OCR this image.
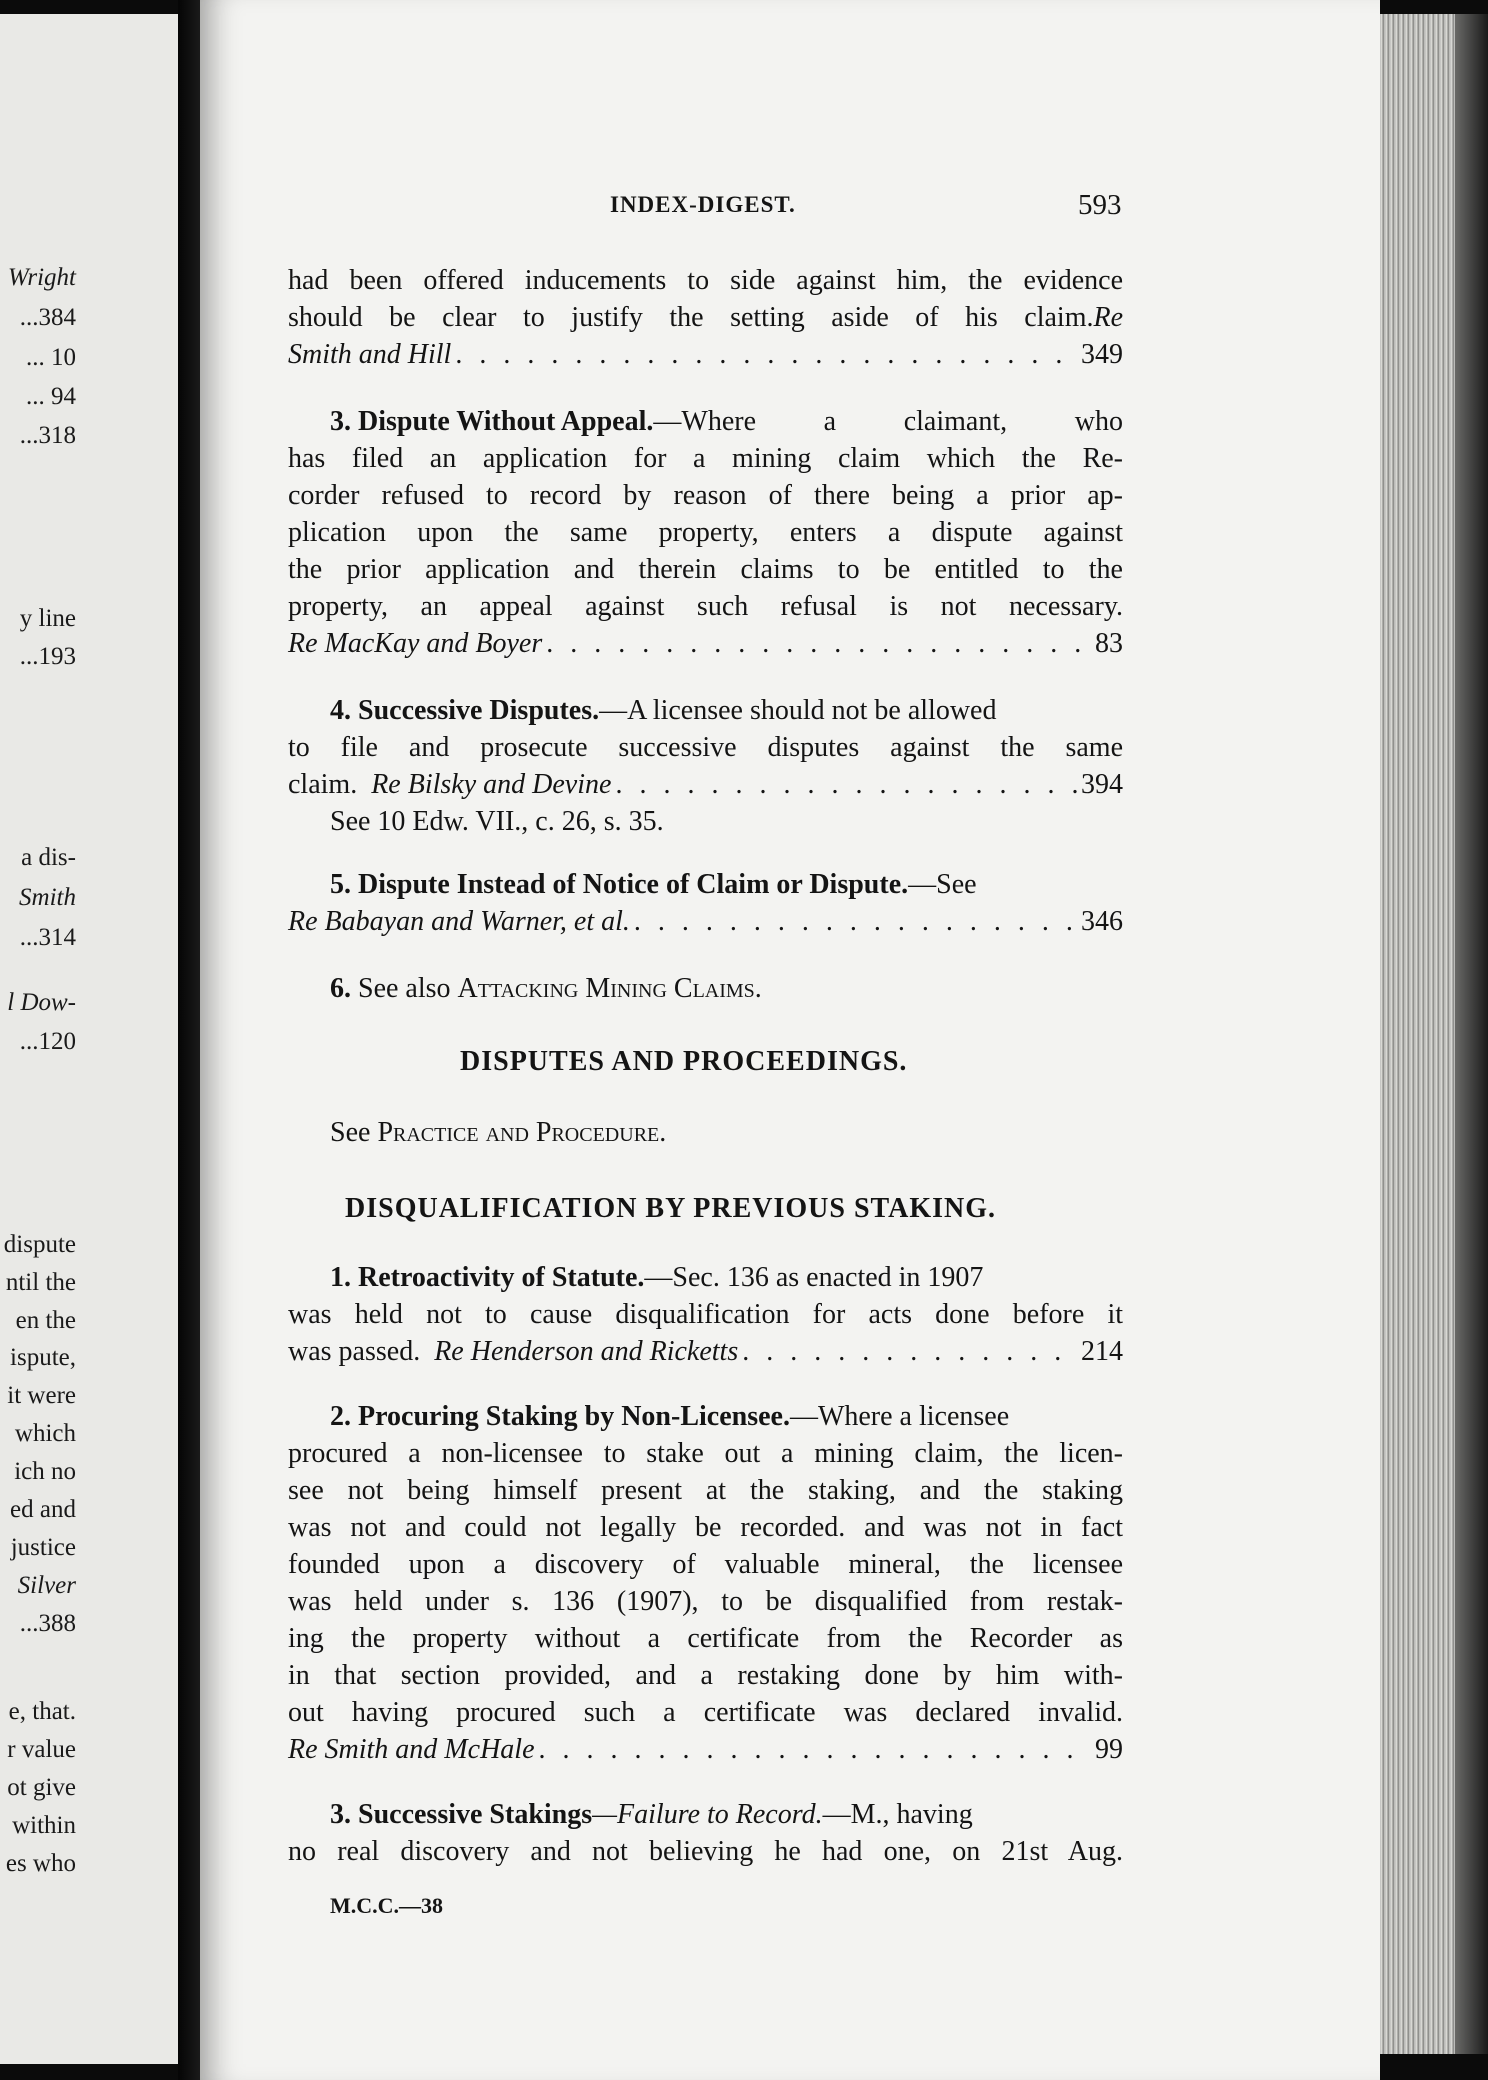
Wright
...384
... 10
... 94
...318
y line
...193
a dis-
Smith
...314
l Dow-
...120
dispute
ntil the
en the
ispute,
it were
which
ich no
ed and
justice
Silver
...388
e, that.
r value
ot give
within
es who
INDEX-DIGEST.	593
had been offered inducements to side against him, the evidence
should be clear to justify the setting aside of his claim. Re
Smith and Hill . . .	349
3. Dispute Without Appeal. —Where a claimant, who
has filed an application for a mining claim which the Re-
corder refused to record by reason of there being a prior ap-
plication upon the same property, enters a dispute against
the prior application and therein claims to be entitled to the
property, an appeal against such refusal is not necessary.
Re MacKay and Boyer . . .	83
4. Successive Disputes. —A licensee should not be allowed
to file and prosecute successive disputes against the same
claim.
Re Bilsky and Devine . . .	394
See 10 Edw. VII., c. 26, s. 35.
5. Dispute Instead of Notice of Claim or Dispute. —See
Re Babayan and Warner, et al. . . .	346
6.
See also
Attacking Mining Claims.
DISPUTES AND PROCEEDINGS.
See
Practice and Procedure.
DISQUALIFICATION BY PREVIOUS STAKING.
1. Retroactivity of Statute. —Sec. 136 as enacted in 1907
was held not to cause disqualification for acts done before it
was passed.
Re Henderson and Ricketts . . .	214
2. Procuring Staking by Non-Licensee. —Where a licensee
procured a non-licensee to stake out a mining claim, the licen-
see not being himself present at the staking, and the staking
was not and could not legally be recorded. and was not in fact
founded upon a discovery of valuable mineral, the licensee
was held under s. 136 (1907), to be disqualified from restak-
ing the property without a certificate from the Recorder as
in that section provided, and a restaking done by him with-
out having procured such a certificate was declared invalid.
Re Smith and McHale . . .	99
3. Successive Stakings —Failure to Record. —M., having
no real discovery and not believing he had one, on 21st Aug.
M.C.C.—38
